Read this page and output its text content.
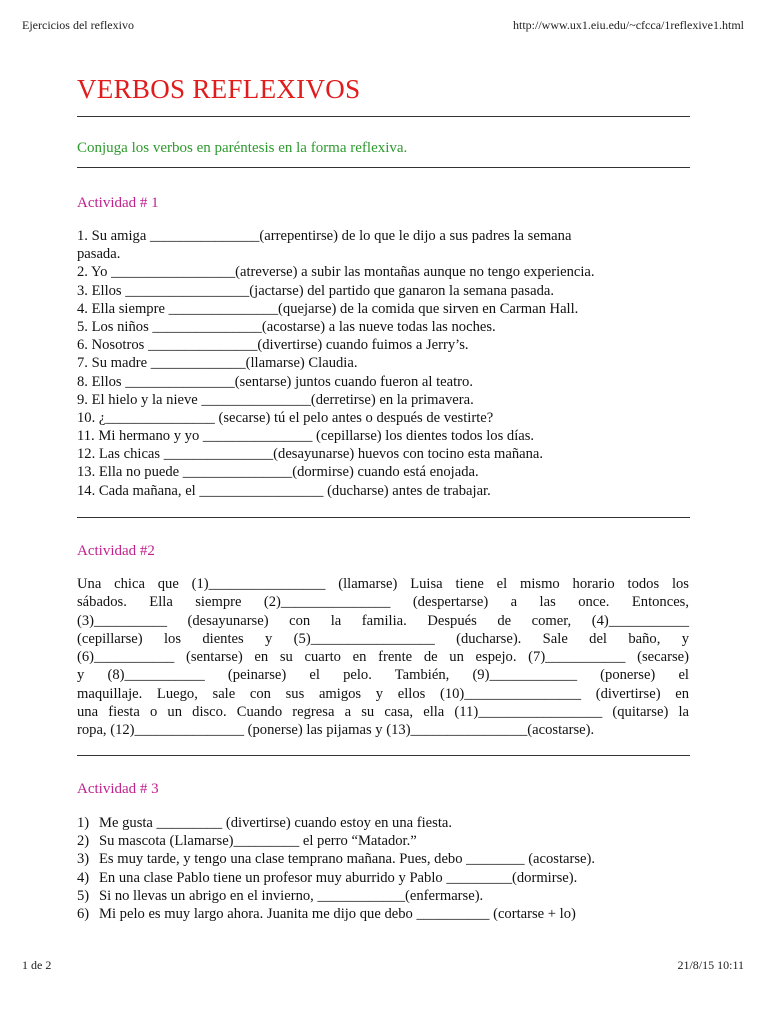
Ejercicios del reflexivo	http://www.ux1.eiu.edu/~cfcca/1reflexive1.html
VERBOS REFLEXIVOS
Conjuga los verbos en paréntesis en la forma reflexiva.
Actividad # 1
1. Su amiga _______________(arrepentirse) de lo que le dijo a sus padres la semana
pasada.
2. Yo _________________(atreverse) a subir las montañas aunque no tengo experiencia.
3. Ellos _________________(jactarse) del partido que ganaron la semana pasada.
4. Ella siempre _______________(quejarse) de la comida que sirven en Carman Hall.
5. Los niños _______________(acostarse) a las nueve todas las noches.
6. Nosotros _______________(divertirse) cuando fuimos a Jerry’s.
7. Su madre _____________(llamarse) Claudia.
8. Ellos _______________(sentarse) juntos cuando fueron al teatro.
9. El hielo y la nieve _______________(derretirse) en la primavera.
10. ¿_______________ (secarse) tú el pelo antes o después de vestirte?
11. Mi hermano y yo _______________ (cepillarse) los dientes todos los días.
12. Las chicas _______________(desayunarse) huevos con tocino esta mañana.
13. Ella no puede _______________(dormirse) cuando está enojada.
14. Cada mañana, el _________________ (ducharse) antes de trabajar.
Actividad #2
Una chica que (1)________________ (llamarse) Luisa tiene el mismo horario todos los
sábados. Ella siempre (2)_______________ (despertarse) a las once. Entonces,
(3)__________ (desayunarse) con la familia. Después de comer, (4)___________
(cepillarse) los dientes y (5)_________________ (ducharse). Sale del baño, y
(6)___________ (sentarse) en su cuarto en frente de un espejo. (7)___________ (secarse)
y (8)___________ (peinarse) el pelo. También, (9)____________ (ponerse) el
maquillaje. Luego, sale con sus amigos y ellos (10)________________ (divertirse) en
una fiesta o un disco. Cuando regresa a su casa, ella (11)_________________ (quitarse) la
ropa, (12)_______________ (ponerse) las pijamas y (13)________________(acostarse).
Actividad # 3
1) Me gusta _________ (divertirse) cuando estoy en una fiesta.
2) Su mascota (Llamarse)_________ el perro “Matador.”
3) Es muy tarde, y tengo una clase temprano mañana. Pues, debo ________ (acostarse).
4) En una clase Pablo tiene un profesor muy aburrido y Pablo _________(dormirse).
5) Si no llevas un abrigo en el invierno, ____________(enfermarse).
6) Mi pelo es muy largo ahora. Juanita me dijo que debo __________ (cortarse + lo)
1 de 2	21/8/15 10:11
